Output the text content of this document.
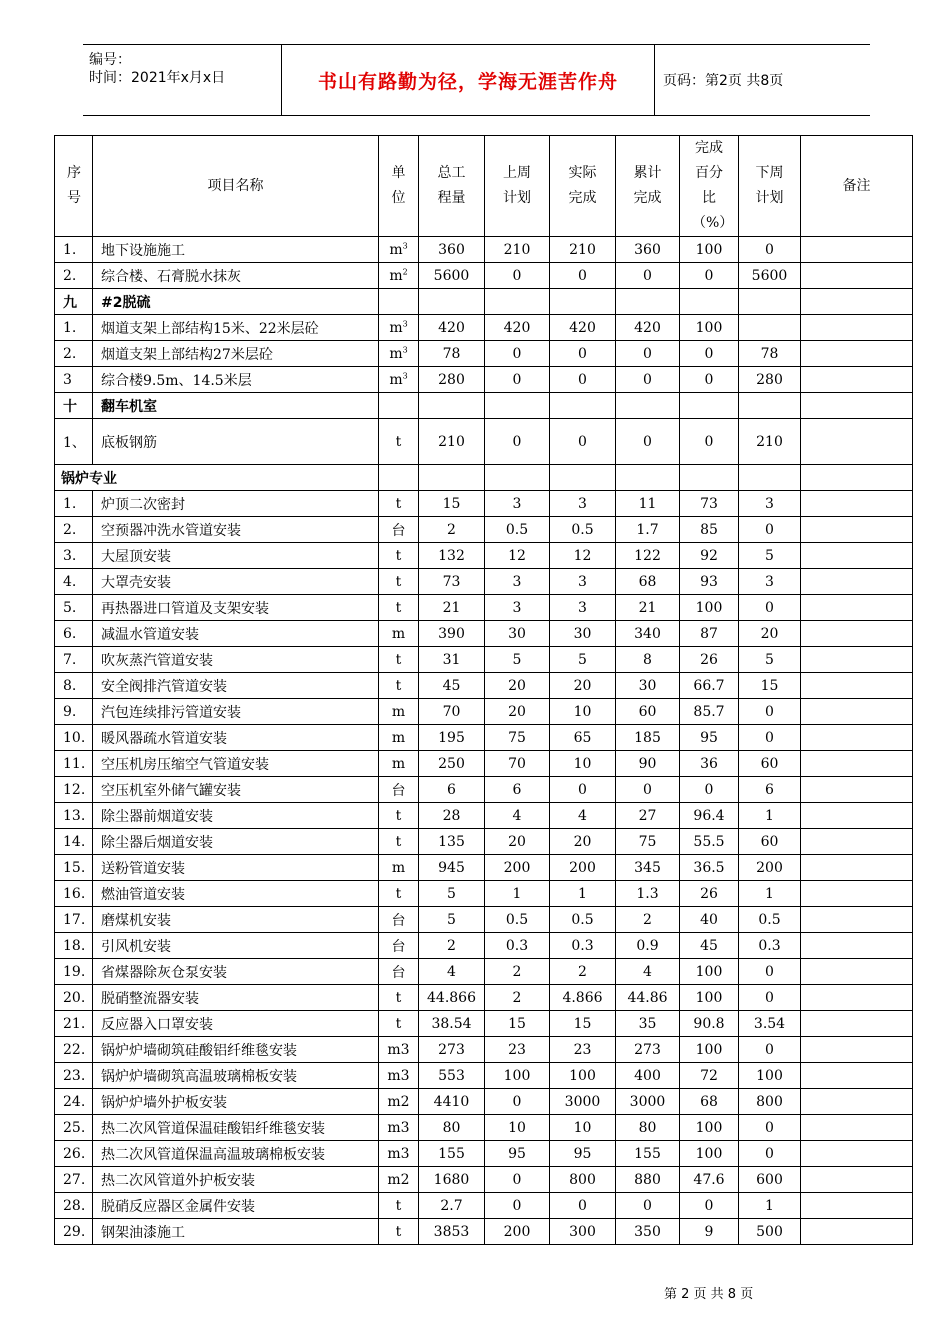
编号：
时间：2021年x月x日	书山有路勤为径，学海无涯苦作舟	页码：第2页 共8页
序号	项目名称	单位	总工程量	上周计划	实际完成	累计完成	完成百分比（%）	下周计划	备注
1.	地下设施施工	$m^3$	360	210	210	360	100	0	
2.	综合楼、石膏脱水抹灰	$m^2$	5600	0	0	0	0	5600	
九	#2脱硫								
1.	烟道支架上部结构15米、22米层砼	$m^3$	420	420	420	420	100		
2.	烟道支架上部结构27米层砼	$m^3$	78	0	0	0	0	78	
3	综合楼9.5m、14.5米层	$m^3$	280	0	0	0	0	280	
十	翻车机室								
1、	底板钢筋	t	210	0	0	0	0	210	
锅炉专业									
1.	炉顶二次密封	t	15	3	3	11	73	3	
2.	空预器冲洗水管道安装	台	2	0.5	0.5	1.7	85	0	
3.	大屋顶安装	t	132	12	12	122	92	5	
4.	大罩壳安装	t	73	3	3	68	93	3	
5.	再热器进口管道及支架安装	t	21	3	3	21	100	0	
6.	减温水管道安装	m	390	30	30	340	87	20	
7.	吹灰蒸汽管道安装	t	31	5	5	8	26	5	
8.	安全阀排汽管道安装	t	45	20	20	30	66.7	15	
9.	汽包连续排污管道安装	m	70	20	10	60	85.7	0	
10.	暖风器疏水管道安装	m	195	75	65	185	95	0	
11.	空压机房压缩空气管道安装	m	250	70	10	90	36	60	
12.	空压机室外储气罐安装	台	6	6	0	0	0	6	
13.	除尘器前烟道安装	t	28	4	4	27	96.4	1	
14.	除尘器后烟道安装	t	135	20	20	75	55.5	60	
15.	送粉管道安装	m	945	200	200	345	36.5	200	
16.	燃油管道安装	t	5	1	1	1.3	26	1	
17.	磨煤机安装	台	5	0.5	0.5	2	40	0.5	
18.	引风机安装	台	2	0.3	0.3	0.9	45	0.3	
19.	省煤器除灰仓泵安装	台	4	2	2	4	100	0	
20.	脱硝整流器安装	t	44.866	2	4.866	44.86	100	0	
21.	反应器入口罩安装	t	38.54	15	15	35	90.8	3.54	
22.	锅炉炉墙砌筑硅酸铝纤维毯安装	m3	273	23	23	273	100	0	
23.	锅炉炉墙砌筑高温玻璃棉板安装	m3	553	100	100	400	72	100	
24.	锅炉炉墙外护板安装	m2	4410	0	3000	3000	68	800	
25.	热二次风管道保温硅酸铝纤维毯安装	m3	80	10	10	80	100	0	
26.	热二次风管道保温高温玻璃棉板安装	m3	155	95	95	155	100	0	
27.	热二次风管道外护板安装	m2	1680	0	800	880	47.6	600	
28.	脱硝反应器区金属件安装	t	2.7	0	0	0	0	1	
29.	钢架油漆施工	t	3853	200	300	350	9	500	
第 2 页 共 8 页
